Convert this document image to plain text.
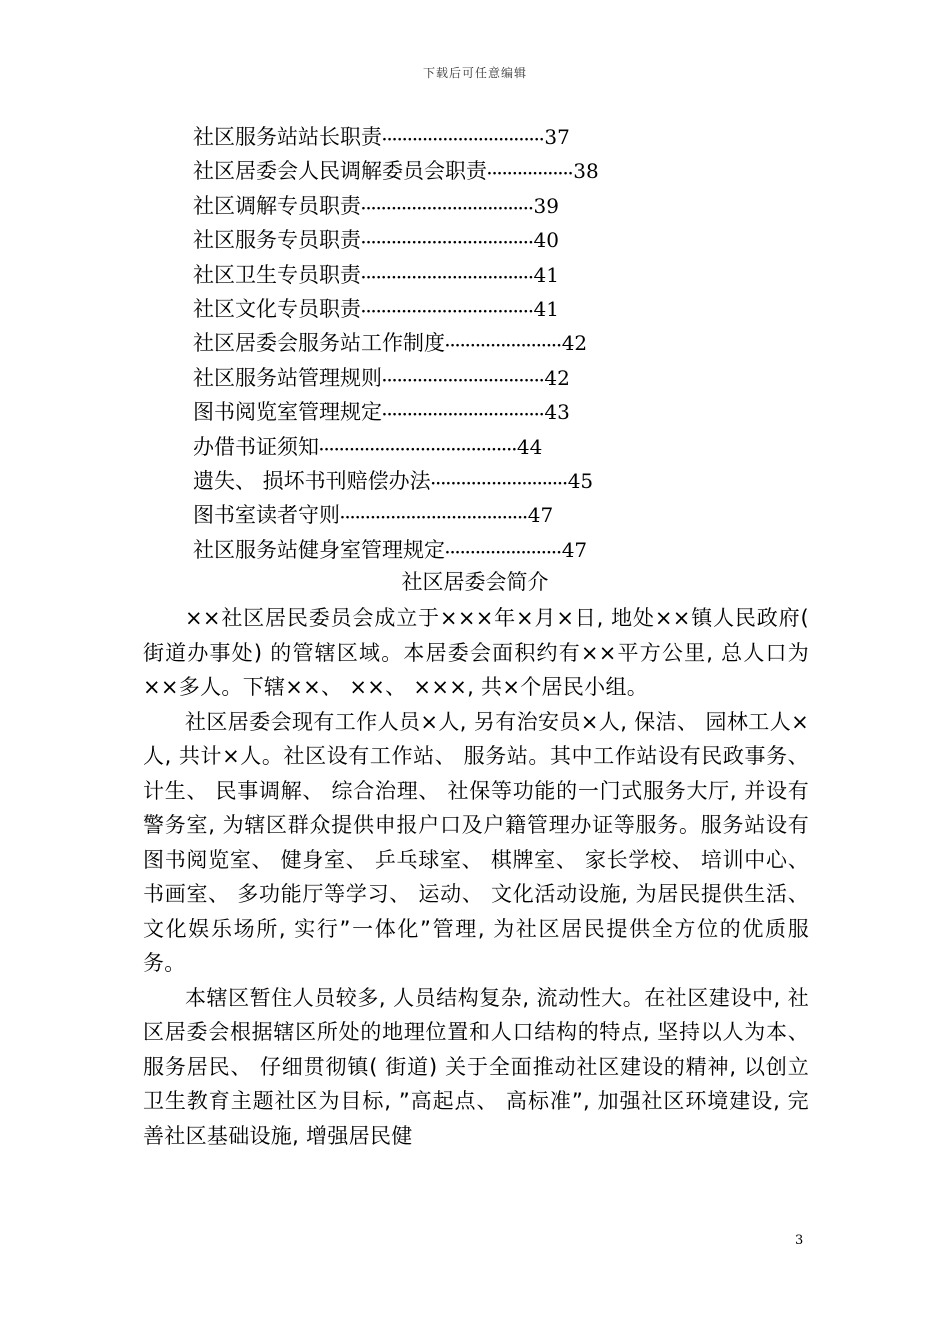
下载后可任意编辑
社区服务站站长职责································37
社区居委会人民调解委员会职责·················38
社区调解专员职责··································39
社区服务专员职责··································40
社区卫生专员职责··································41
社区文化专员职责··································41
社区居委会服务站工作制度·······················42
社区服务站管理规则································42
图书阅览室管理规定································43
办借书证须知·······································44
遗失、 损坏书刊赔偿办法···························45
图书室读者守则·····································47
社区服务站健身室管理规定·······················47
社区居委会简介

××社区居民委员会成立于×××年×月×日, 地处××镇人民政府( 街道办事处) 的管辖区域。本居委会面积约有××平方公里, 总人口为××多人。下辖××、 ××、 ×××, 共×个居民小组。

社区居委会现有工作人员×人, 另有治安员×人, 保洁、 园林工人×人, 共计×人。社区设有工作站、 服务站。其中工作站设有民政事务、 计生、 民事调解、 综合治理、 社保等功能的一门式服务大厅, 并设有警务室, 为辖区群众提供申报户口及户籍管理办证等服务。服务站设有图书阅览室、 健身室、 乒乓球室、 棋牌室、 家长学校、 培训中心、 书画室、 多功能厅等学习、 运动、 文化活动设施, 为居民提供生活、 文化娱乐场所, 实行”一体化”管理, 为社区居民提供全方位的优质服务。

本辖区暂住人员较多, 人员结构复杂, 流动性大。在社区建设中, 社区居委会根据辖区所处的地理位置和人口结构的特点, 坚持以人为本、 服务居民、 仔细贯彻镇( 街道) 关于全面推动社区建设的精神, 以创立卫生教育主题社区为目标, ”高起点、 高标准”, 加强社区环境建设, 完善社区基础设施, 增强居民健

3
